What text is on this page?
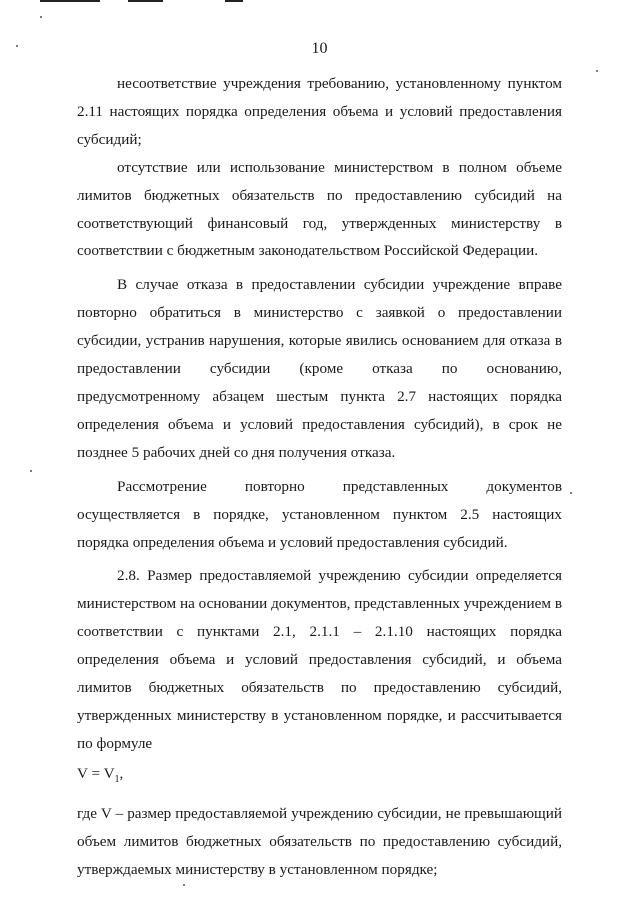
10

несоответствие учреждения требованию, установленному пунктом 2.11 настоящих порядка определения объема и условий предоставления субсидий;

отсутствие или использование министерством в полном объеме лимитов бюджетных обязательств по предоставлению субсидий на соответствующий финансовый год, утвержденных министерству в соответствии с бюджетным законодательством Российской Федерации.

В случае отказа в предоставлении субсидии учреждение вправе повторно обратиться в министерство с заявкой о предоставлении субсидии, устранив нарушения, которые явились основанием для отказа в предоставлении субсидии (кроме отказа по основанию, предусмотренному абзацем шестым пункта 2.7 настоящих порядка определения объема и условий предоставления субсидий), в срок не позднее 5 рабочих дней со дня получения отказа.

Рассмотрение повторно представленных документов осуществляется в порядке, установленном пунктом 2.5 настоящих порядка определения объема и условий предоставления субсидий.

2.8. Размер предоставляемой учреждению субсидии определяется министерством на основании документов, представленных учреждением в соответствии с пунктами 2.1, 2.1.1 – 2.1.10 настоящих порядка определения объема и условий предоставления субсидий, и объема лимитов бюджетных обязательств по предоставлению субсидий, утвержденных министерству в установленном порядке, и рассчитывается по формуле

$V = V_1$,

где V – размер предоставляемой учреждению субсидии, не превышающий объем лимитов бюджетных обязательств по предоставлению субсидий, утверждаемых министерству в установленном порядке;
